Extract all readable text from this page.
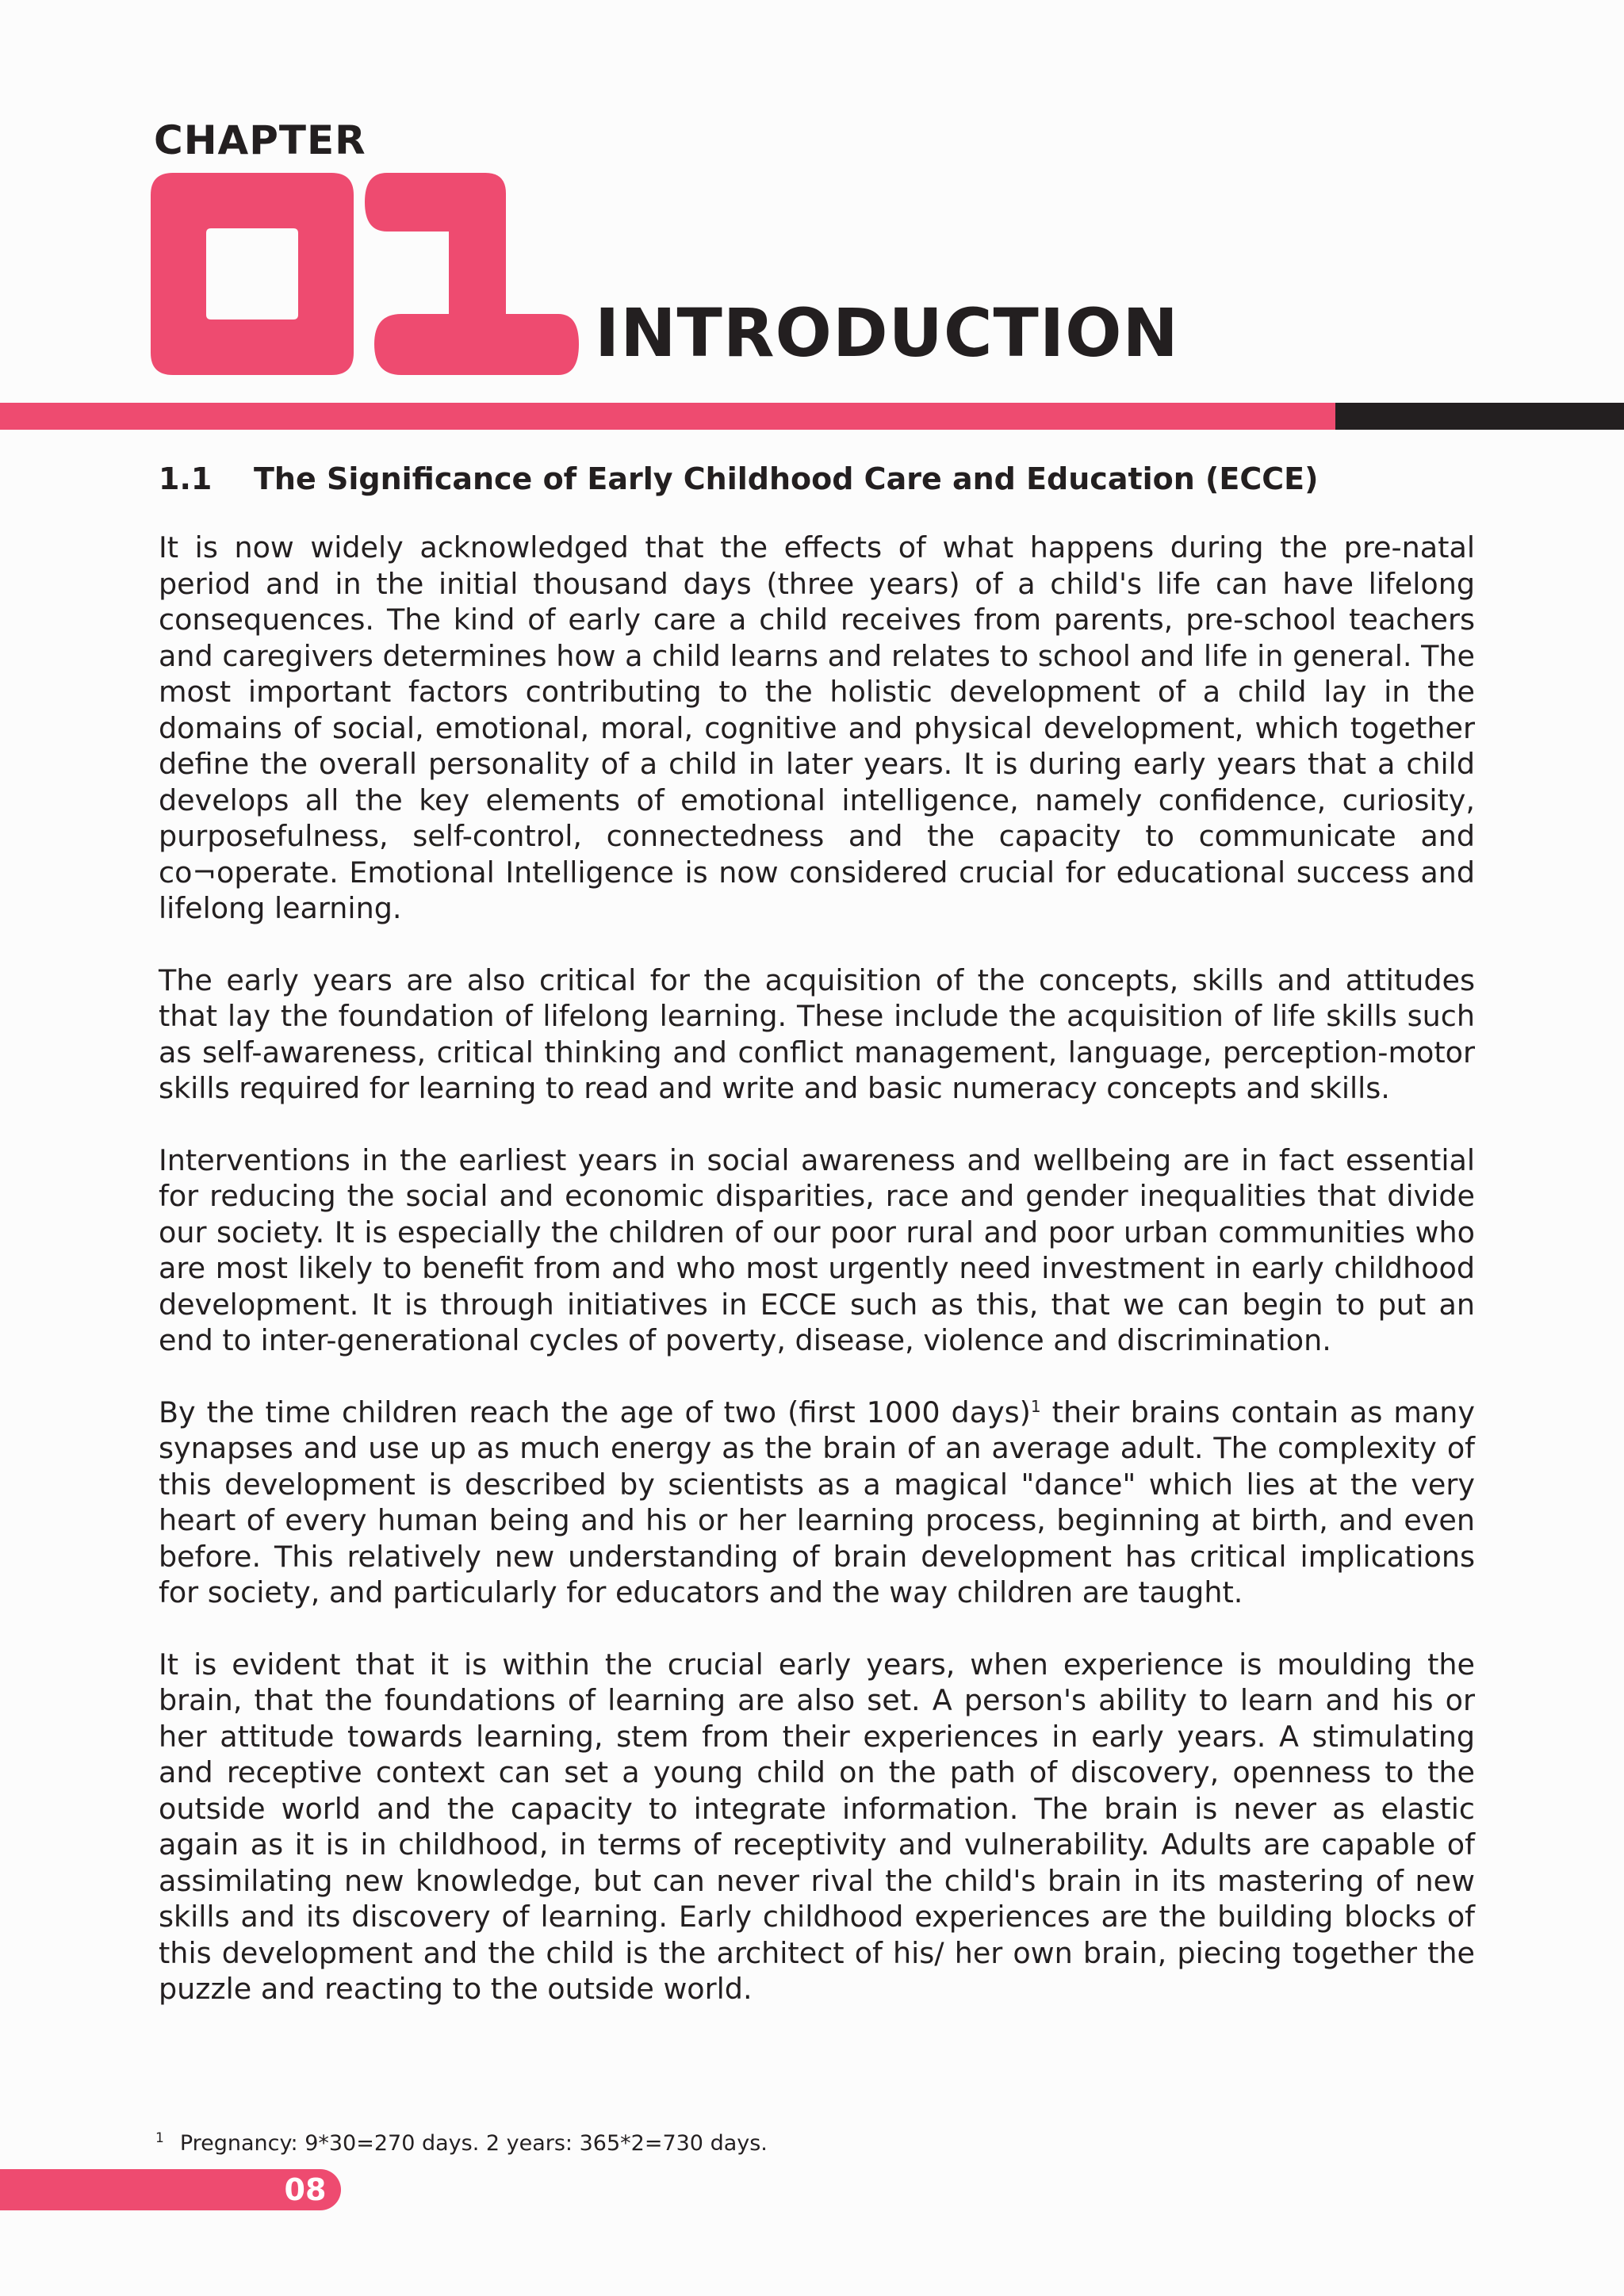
CHAPTER
INTRODUCTION
1.1 The Significance of Early Childhood Care and Education (ECCE)

It is now widely acknowledged that the effects of what happens during the pre-natal period and in the initial thousand days (three years) of a child's life can have lifelong consequences. The kind of early care a child receives from parents, pre-school teachers and caregivers determines how a child learns and relates to school and life in general. The most important factors contributing to the holistic development of a child lay in the domains of social, emotional, moral, cognitive and physical development, which together define the overall personality of a child in later years. It is during early years that a child develops all the key elements of emotional intelligence, namely confidence, curiosity, purposefulness, self-control, connectedness and the capacity to communicate and co¬operate. Emotional Intelligence is now considered crucial for educational success and lifelong learning.

The early years are also critical for the acquisition of the concepts, skills and attitudes that lay the foundation of lifelong learning. These include the acquisition of life skills such as self-awareness, critical thinking and conflict management, language, perception-motor skills required for learning to read and write and basic numeracy concepts and skills.

Interventions in the earliest years in social awareness and wellbeing are in fact essential for reducing the social and economic disparities, race and gender inequalities that divide our society. It is especially the children of our poor rural and poor urban communities who are most likely to benefit from and who most urgently need investment in early childhood development. It is through initiatives in ECCE such as this, that we can begin to put an end to inter-generational cycles of poverty, disease, violence and discrimination.

By the time children reach the age of two (first 1000 days)$^1$ their brains contain as many synapses and use up as much energy as the brain of an average adult. The complexity of this development is described by scientists as a magical "dance" which lies at the very heart of every human being and his or her learning process, beginning at birth, and even before. This relatively new understanding of brain development has critical implications for society, and particularly for educators and the way children are taught.

It is evident that it is within the crucial early years, when experience is moulding the brain, that the foundations of learning are also set. A person's ability to learn and his or her attitude towards learning, stem from their experiences in early years. A stimulating and receptive context can set a young child on the path of discovery, openness to the outside world and the capacity to integrate information. The brain is never as elastic again as it is in childhood, in terms of receptivity and vulnerability. Adults are capable of assimilating new knowledge, but can never rival the child's brain in its mastering of new skills and its discovery of learning. Early childhood experiences are the building blocks of this development and the child is the architect of his/ her own brain, piecing together the puzzle and reacting to the outside world.

$^1$ Pregnancy: 9*30=270 days. 2 years: 365*2=730 days.
08
